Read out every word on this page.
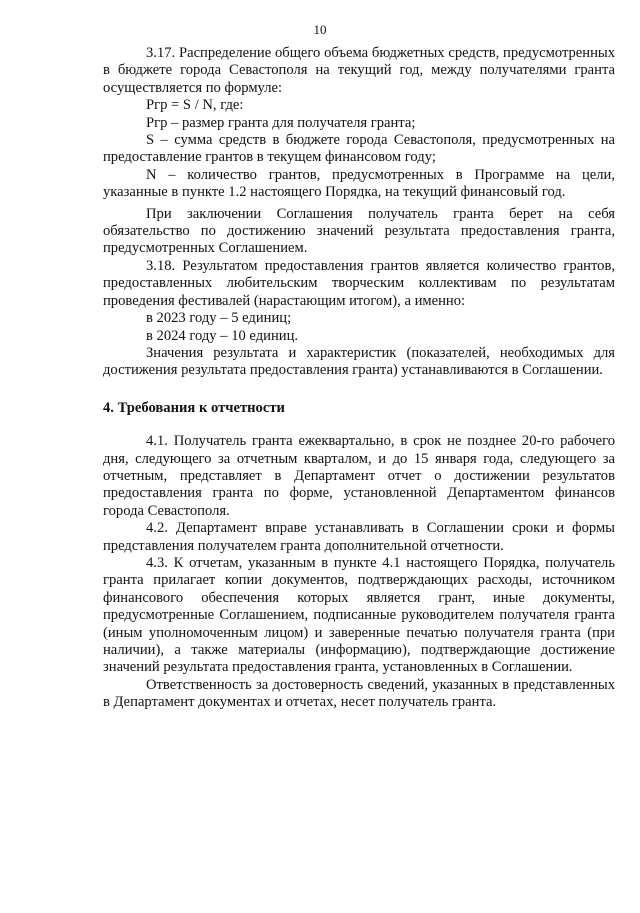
10

3.17. Распределение общего объема бюджетных средств, предусмотренных в бюджете города Севастополя на текущий год, между получателями гранта осуществляется по формуле:

Ргр = S / N, где:

Ргр – размер гранта для получателя гранта;

S – сумма средств в бюджете города Севастополя, предусмотренных на предоставление грантов в текущем финансовом году;

N – количество грантов, предусмотренных в Программе на цели, указанные в пункте 1.2 настоящего Порядка, на текущий финансовый год.

При заключении Соглашения получатель гранта берет на себя обязательство по достижению значений результата предоставления гранта, предусмотренных Соглашением.

3.18. Результатом предоставления грантов является количество грантов, предоставленных любительским творческим коллективам по результатам проведения фестивалей (нарастающим итогом), а именно:

в 2023 году – 5 единиц;

в 2024 году – 10 единиц.

Значения результата и характеристик (показателей, необходимых для достижения результата предоставления гранта) устанавливаются в Соглашении.

4. Требования к отчетности

4.1. Получатель гранта ежеквартально, в срок не позднее 20-го рабочего дня, следующего за отчетным кварталом, и до 15 января года, следующего за отчетным, представляет в Департамент отчет о достижении результатов предоставления гранта по форме, установленной Департаментом финансов города Севастополя.

4.2. Департамент вправе устанавливать в Соглашении сроки и формы представления получателем гранта дополнительной отчетности.

4.3. К отчетам, указанным в пункте 4.1 настоящего Порядка, получатель гранта прилагает копии документов, подтверждающих расходы, источником финансового обеспечения которых является грант, иные документы, предусмотренные Соглашением, подписанные руководителем получателя гранта (иным уполномоченным лицом) и заверенные печатью получателя гранта (при наличии), а также материалы (информацию), подтверждающие достижение значений результата предоставления гранта, установленных в Соглашении.

Ответственность за достоверность сведений, указанных в представленных в Департамент документах и отчетах, несет получатель гранта.
